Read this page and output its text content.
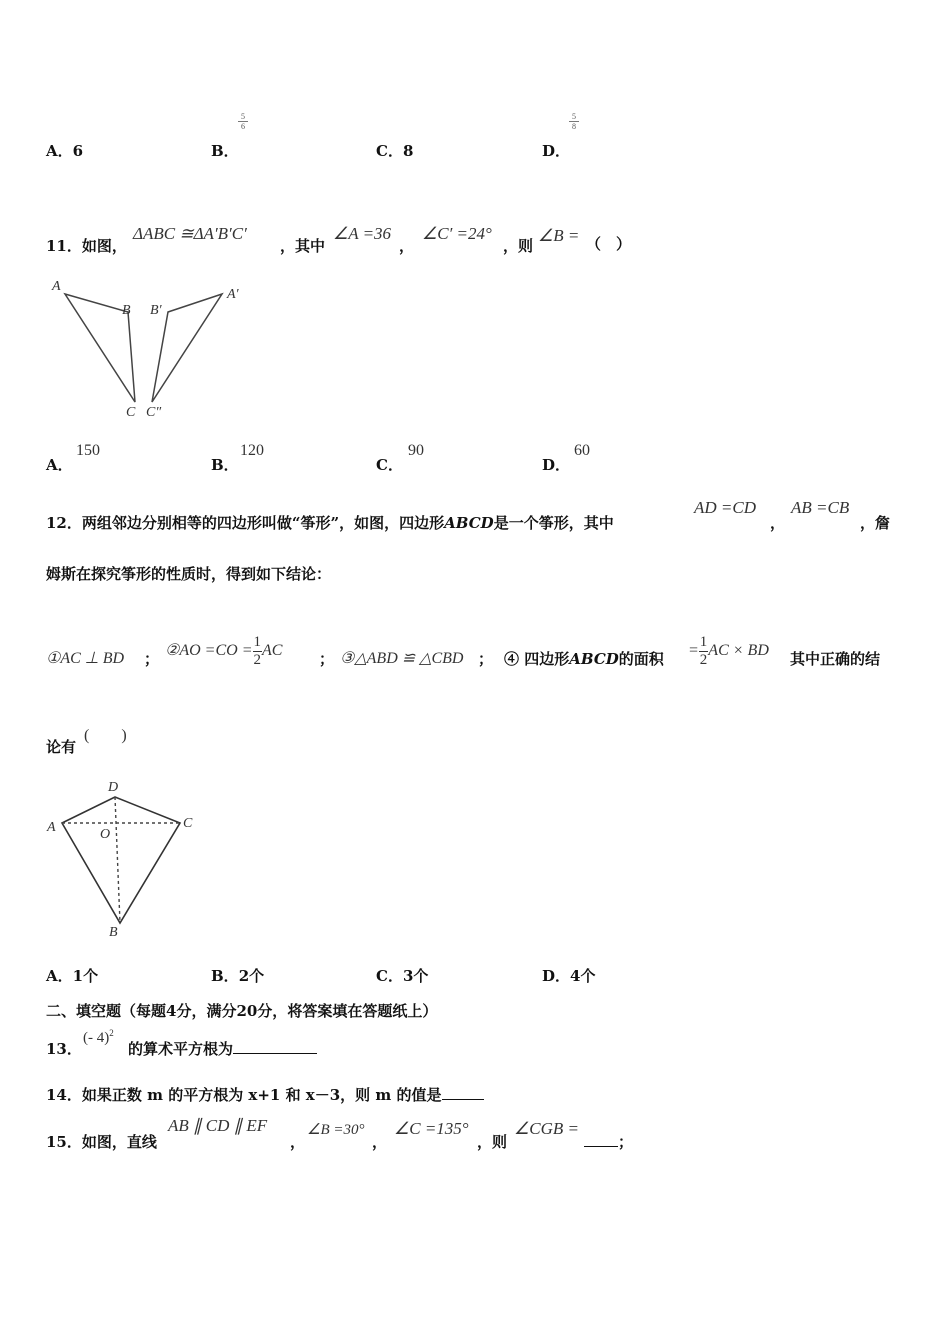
A．6	B．
5
6
C．8	D．
5
8
11．如图，
ΔABC ≅ΔA′B′C′
，其中
∠A =36
，
∠C′ =24°
，则
∠B = （　）
A
B
C
B′
A′
C″
A．
150
B．
120
C．
90
D．
60
12．两组邻边分别相等的四边形叫做“筝形”，如图，四边形ABCD是一个筝形，其中
AD =CD
，
AB =CB
，詹
姆斯在探究筝形的性质时，得到如下结论：
①AC ⊥ BD ； ②AO $=CO = \frac{1}{2}$ AC ； ③△ABD ≌ △CBD ； ④ 四边形ABCD的面积 = $\frac{1}{2}$ AC × BD 其中正确的结
论有
(　　)
A
D
C
O
B
A．1个	B．2个	C．3个	D．4个
二、填空题（每题4分，满分20分，将答案填在答题纸上）
13．
(- 4)$^2$
的算术平方根为
14．如果正数 m 的平方根为 x+1 和 x－3，则 m 的值是
15．如图，直线
AB ∥ CD ∥ EF
，
∠B =30°
，
∠C =135°
，则
∠CGB =
；
